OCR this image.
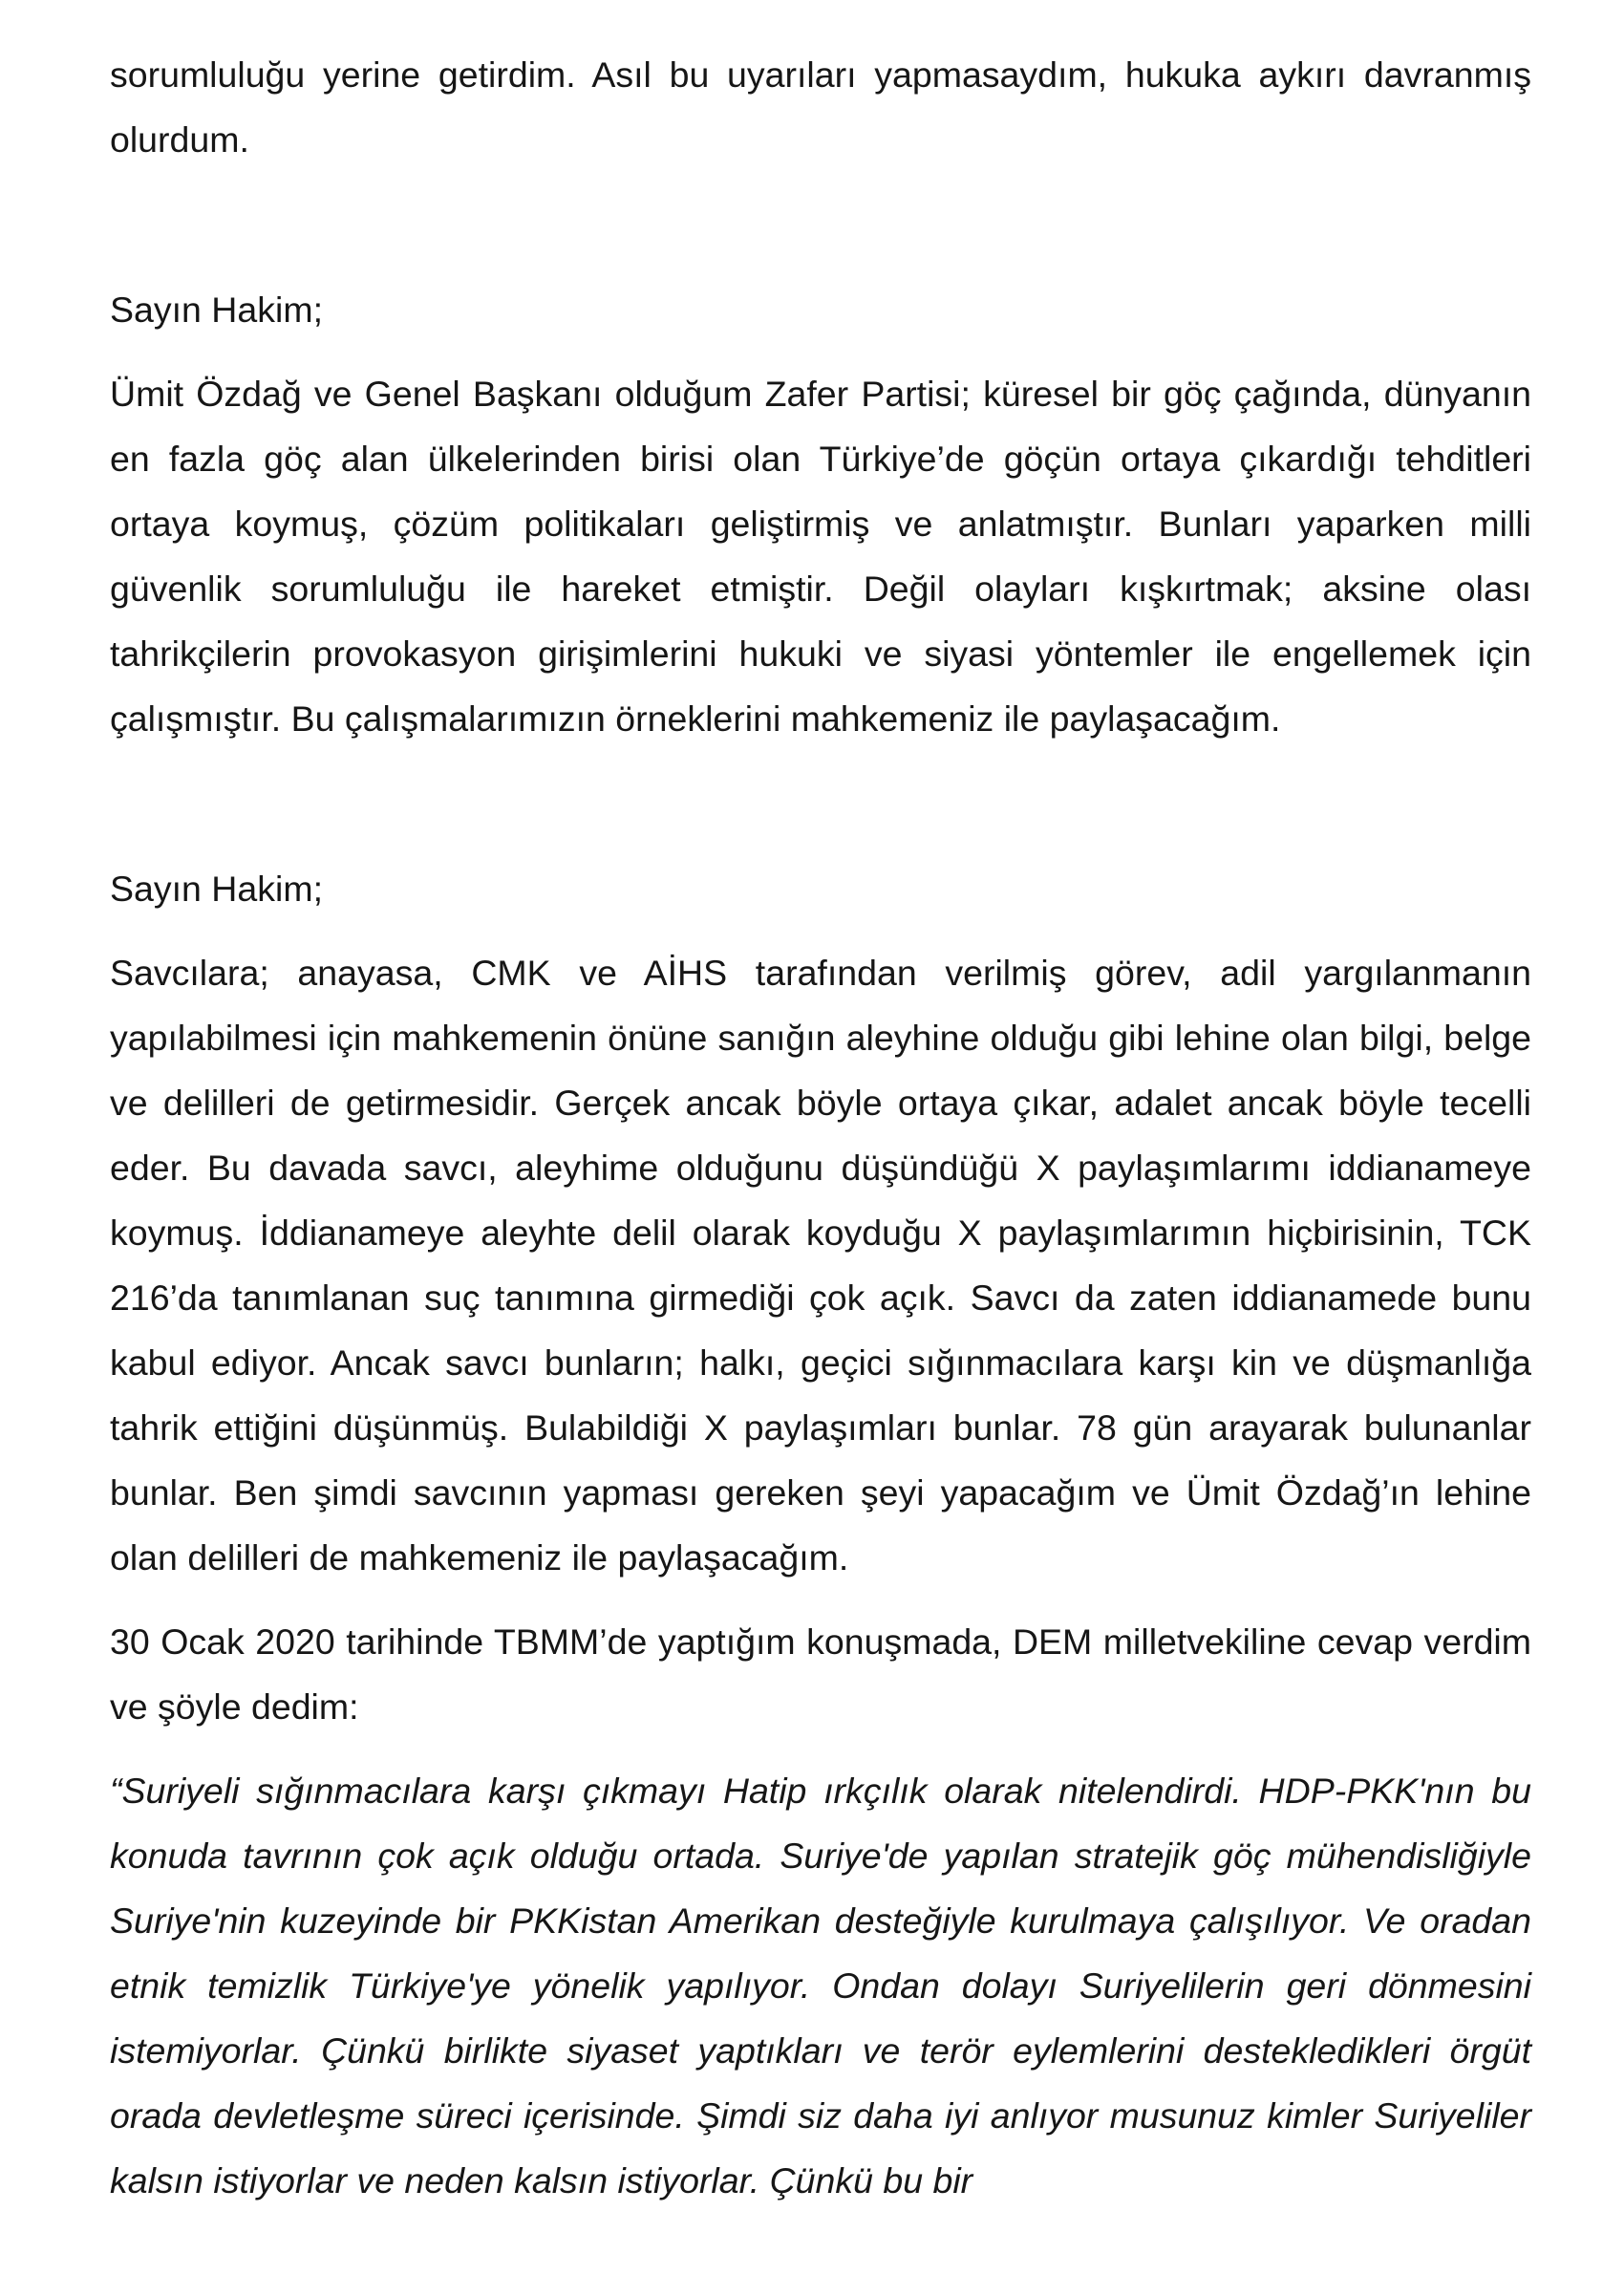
sorumluluğu yerine getirdim. Asıl bu uyarıları yapmasaydım, hukuka aykırı davranmış olurdum.

Sayın Hakim;

Ümit Özdağ ve Genel Başkanı olduğum Zafer Partisi; küresel bir göç çağında, dünyanın en fazla göç alan ülkelerinden birisi olan Türkiye’de göçün ortaya çıkardığı tehditleri ortaya koymuş, çözüm politikaları geliştirmiş ve anlatmıştır. Bunları yaparken milli güvenlik sorumluluğu ile hareket etmiştir. Değil olayları kışkırtmak; aksine olası tahrikçilerin provokasyon girişimlerini hukuki ve siyasi yöntemler ile engellemek için çalışmıştır. Bu çalışmalarımızın örneklerini mahkemeniz ile paylaşacağım.

Sayın Hakim;

Savcılara; anayasa, CMK ve AİHS tarafından verilmiş görev, adil yargılanmanın yapılabilmesi için mahkemenin önüne sanığın aleyhine olduğu gibi lehine olan bilgi, belge ve delilleri de getirmesidir. Gerçek ancak böyle ortaya çıkar, adalet ancak böyle tecelli eder. Bu davada savcı, aleyhime olduğunu düşündüğü X paylaşımlarımı iddianameye koymuş. İddianameye aleyhte delil olarak koyduğu X paylaşımlarımın hiçbirisinin, TCK 216’da tanımlanan suç tanımına girmediği çok açık. Savcı da zaten iddianamede bunu kabul ediyor. Ancak savcı bunların; halkı, geçici sığınmacılara karşı kin ve düşmanlığa tahrik ettiğini düşünmüş. Bulabildiği X paylaşımları bunlar. 78 gün arayarak bulunanlar bunlar. Ben şimdi savcının yapması gereken şeyi yapacağım ve Ümit Özdağ’ın lehine olan delilleri de mahkemeniz ile paylaşacağım.

30 Ocak 2020 tarihinde TBMM’de yaptığım konuşmada, DEM milletvekiline cevap verdim ve şöyle dedim:

“Suriyeli sığınmacılara karşı çıkmayı Hatip ırkçılık olarak nitelendirdi. HDP-PKK'nın bu konuda tavrının çok açık olduğu ortada. Suriye'de yapılan stratejik göç mühendisliğiyle Suriye'nin kuzeyinde bir PKKistan Amerikan desteğiyle kurulmaya çalışılıyor. Ve oradan etnik temizlik Türkiye'ye yönelik yapılıyor. Ondan dolayı Suriyelilerin geri dönmesini istemiyorlar. Çünkü birlikte siyaset yaptıkları ve terör eylemlerini destekledikleri örgüt orada devletleşme süreci içerisinde. Şimdi siz daha iyi anlıyor musunuz kimler Suriyeliler kalsın istiyorlar ve neden kalsın istiyorlar. Çünkü bu bir
